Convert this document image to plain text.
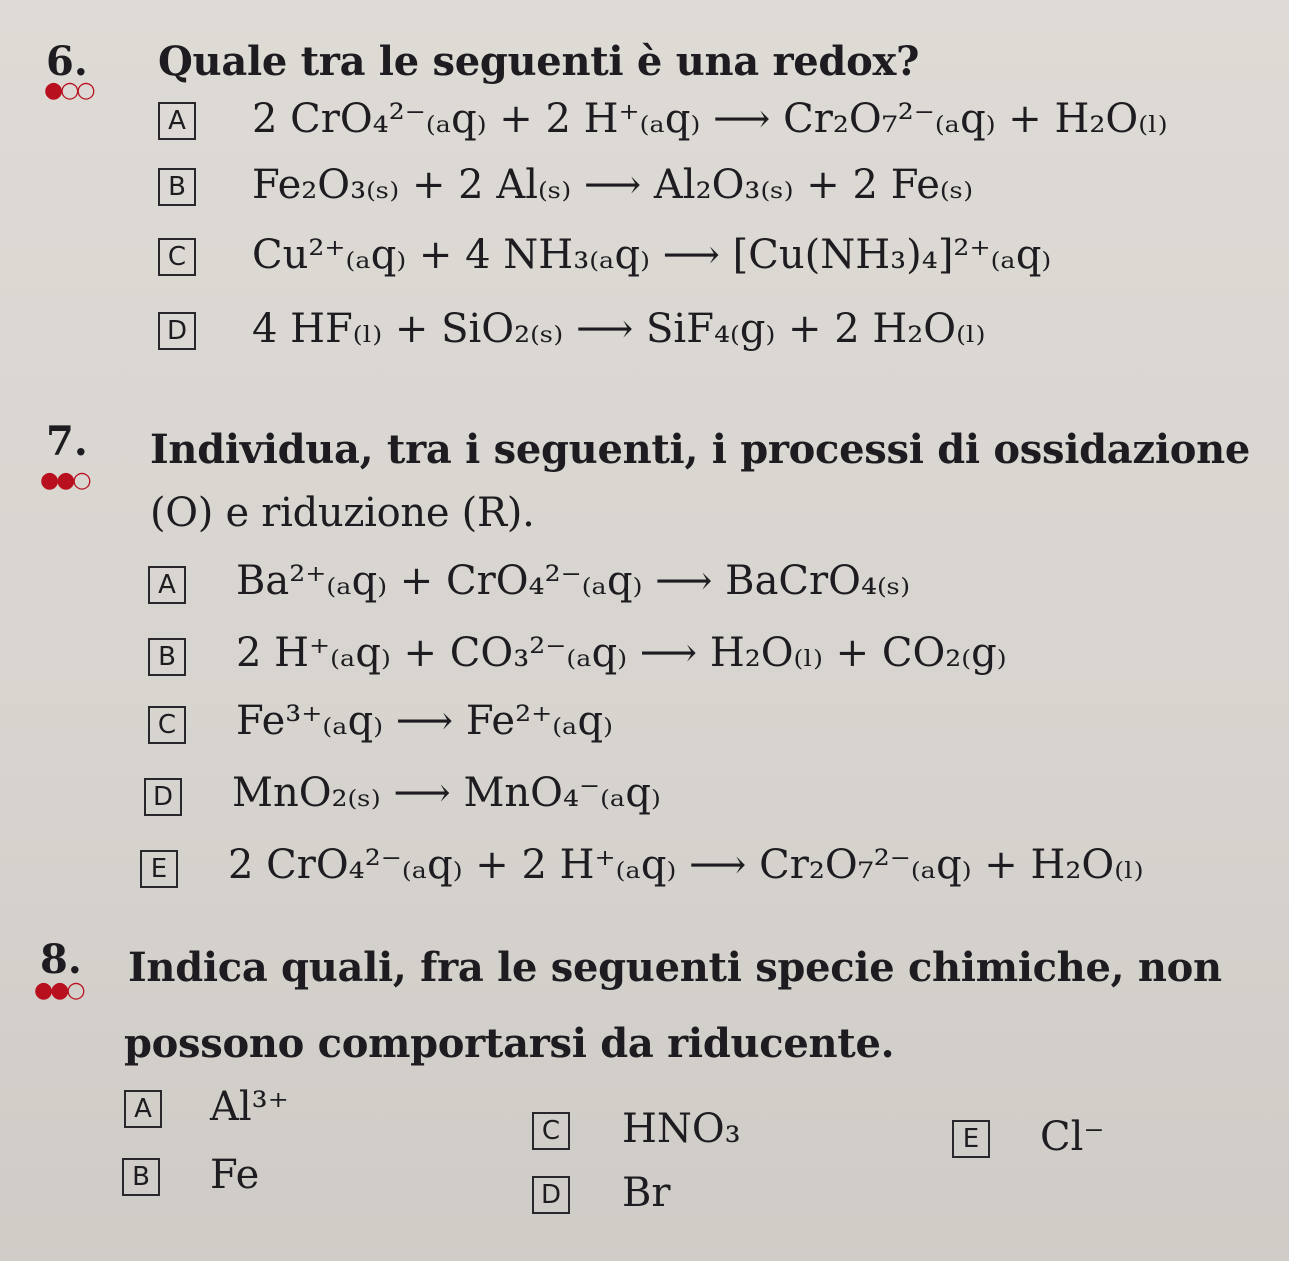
6. Quale tra le seguenti è una redox?
●○○
A 2 CrO₄²⁻₍ₐq₎ + 2 H⁺₍ₐq₎ ⟶ Cr₂O₇²⁻₍ₐq₎ + H₂O₍ₗ₎
B Fe₂O₃₍ₛ₎ + 2 Al₍ₛ₎ ⟶ Al₂O₃₍ₛ₎ + 2 Fe₍ₛ₎
C Cu²⁺₍ₐq₎ + 4 NH₃₍ₐq₎ ⟶ [Cu(NH₃)₄]²⁺₍ₐq₎
D 4 HF₍ₗ₎ + SiO₂₍ₛ₎ ⟶ SiF₄₍g₎ + 2 H₂O₍ₗ₎
7. Individua, tra i seguenti, i processi di ossidazione
●●○
(O) e riduzione (R).
A Ba²⁺₍ₐq₎ + CrO₄²⁻₍ₐq₎ ⟶ BaCrO₄₍ₛ₎
B 2 H⁺₍ₐq₎ + CO₃²⁻₍ₐq₎ ⟶ H₂O₍ₗ₎ + CO₂₍g₎
C Fe³⁺₍ₐq₎ ⟶ Fe²⁺₍ₐq₎
D MnO₂₍ₛ₎ ⟶ MnO₄⁻₍ₐq₎
E 2 CrO₄²⁻₍ₐq₎ + 2 H⁺₍ₐq₎ ⟶ Cr₂O₇²⁻₍ₐq₎ + H₂O₍ₗ₎
8. Indica quali, fra le seguenti specie chimiche, non
●●○
possono comportarsi da riducente.
A Al³⁺
B Fe
C HNO₃
D Br
E Cl⁻
